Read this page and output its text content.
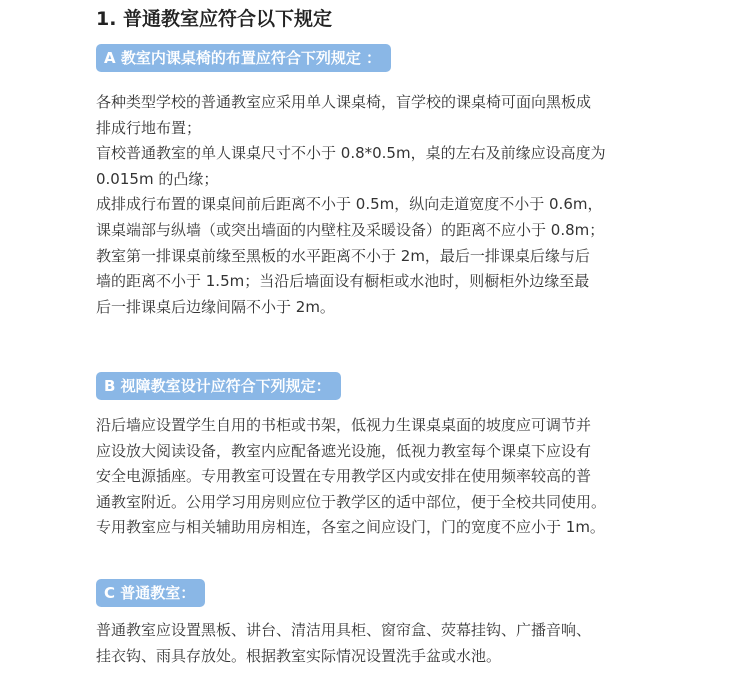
1. 普通教室应符合以下规定
A 教室内课桌椅的布置应符合下列规定 ：

各种类型学校的普通教室应采用单人课桌椅，盲学校的课桌椅可面向黑板成

排成行地布置；

盲校普通教室的单人课桌尺寸不小于 0.8*0.5m，桌的左右及前缘应设高度为

0.015m 的凸缘；

成排成行布置的课桌间前后距离不小于 0.5m，纵向走道宽度不小于 0.6m，

课桌端部与纵墙（或突出墙面的内壁柱及采暖设备）的距离不应小于 0.8m；

教室第一排课桌前缘至黑板的水平距离不小于 2m，最后一排课桌后缘与后

墙的距离不小于 1.5m；当沿后墙面设有橱柜或水池时，则橱柜外边缘至最

后一排课桌后边缘间隔不小于 2m。

B 视障教室设计应符合下列规定：

沿后墙应设置学生自用的书柜或书架，低视力生课桌桌面的坡度应可调节并

应设放大阅读设备，教室内应配备遮光设施，低视力教室每个课桌下应设有

安全电源插座。专用教室可设置在专用教学区内或安排在使用频率较高的普

通教室附近。公用学习用房则应位于教学区的适中部位，便于全校共同使用。

专用教室应与相关辅助用房相连，各室之间应设门，门的宽度不应小于 1m。

C 普通教室：

普通教室应设置黑板、讲台、清洁用具柜、窗帘盒、荧幕挂钩、广播音响、

挂衣钩、雨具存放处。根据教室实际情况设置洗手盆或水池。
